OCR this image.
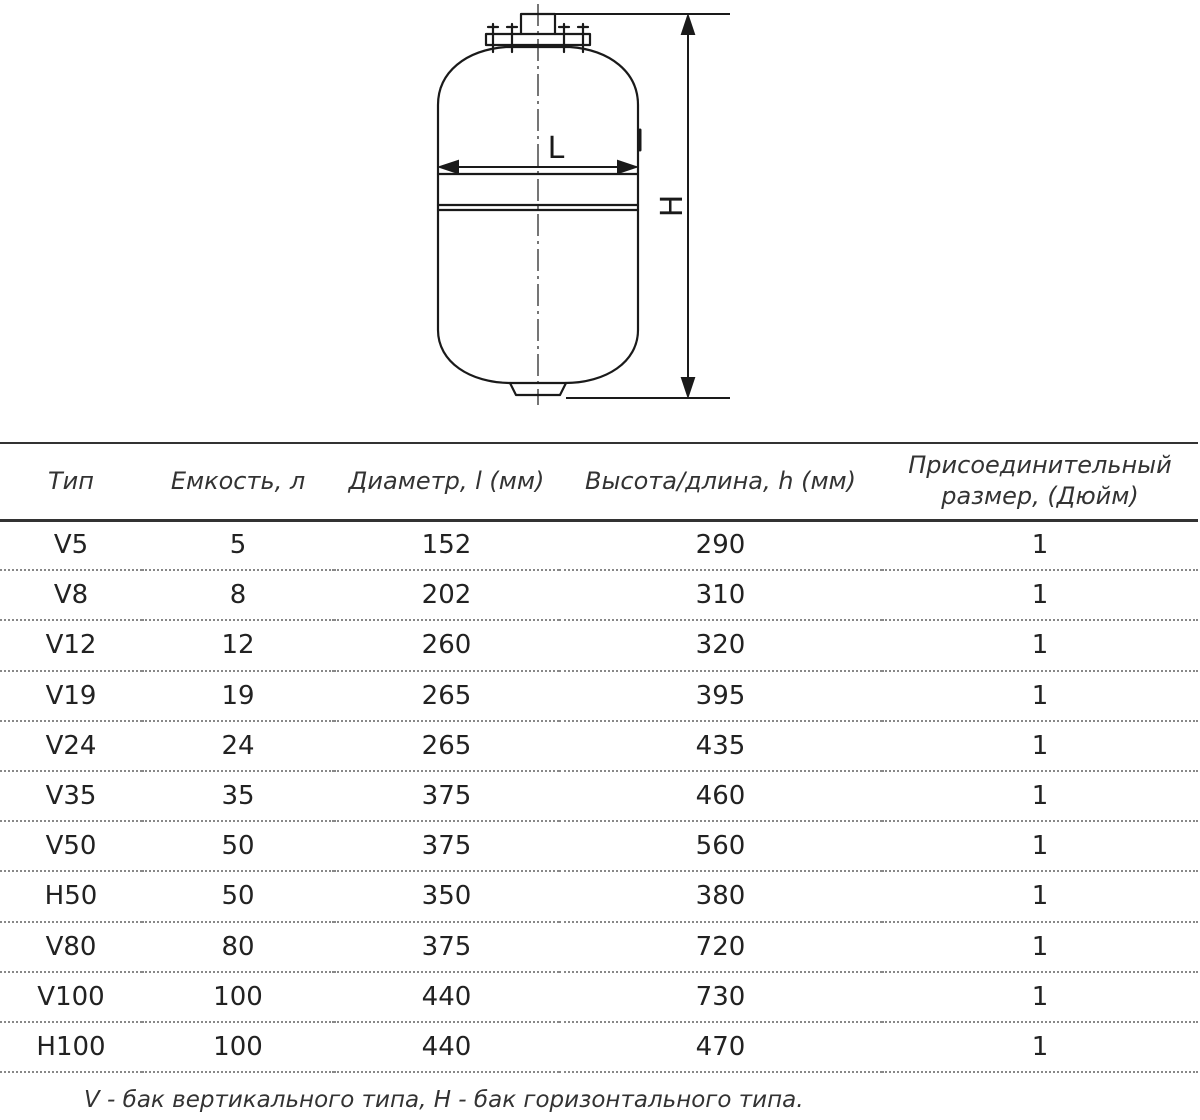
L
H
Тип	Емкость, л	Диаметр, l (мм)	Высота/длина, h (мм)	Присоединительный
размер, (Дюйм)

V5	5	152	290	1
V8	8	202	310	1
V12	12	260	320	1
V19	19	265	395	1
V24	24	265	435	1
V35	35	375	460	1
V50	50	375	560	1
H50	50	350	380	1
V80	80	375	720	1
V100	100	440	730	1
H100	100	440	470	1
V - бак вертикального типа, H - бак горизонтального типа.
